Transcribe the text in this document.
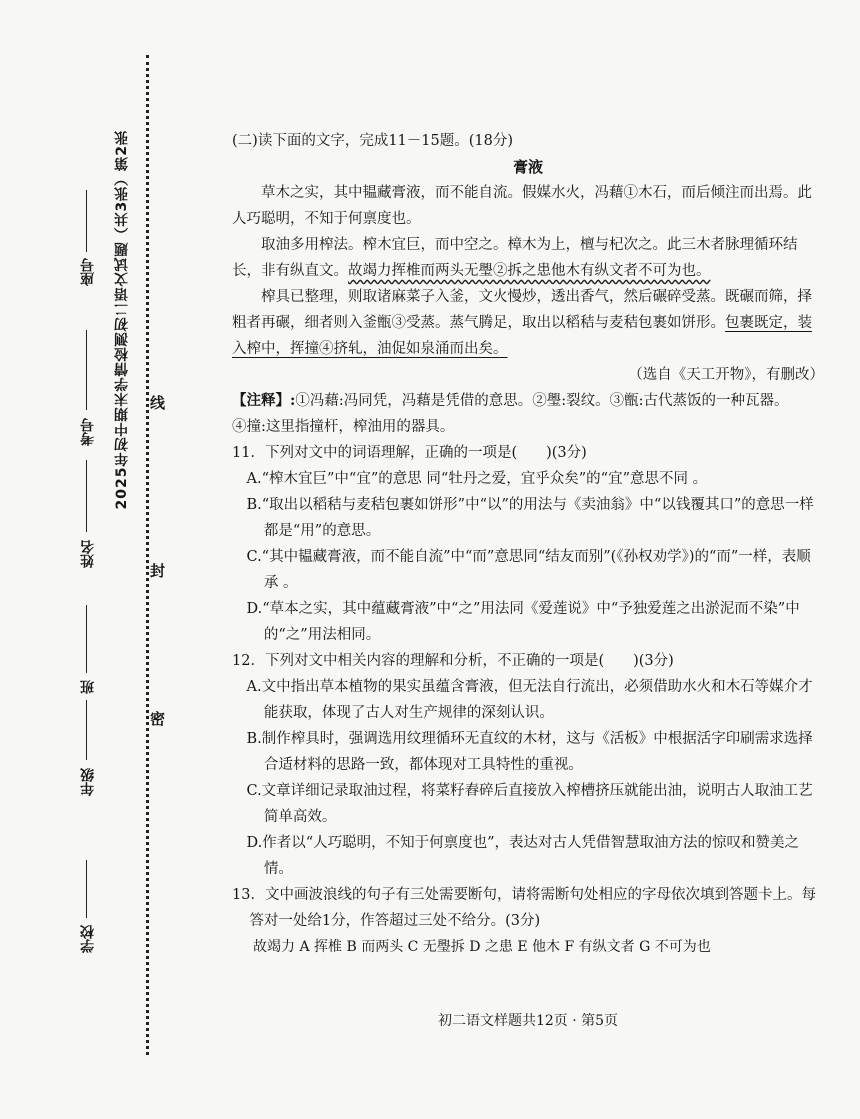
2025年初中期末学情检测初二语文试题（共3张）第2张
学校
年级
班
姓名
考号
座号
密
封
线

(二)读下面的文字，完成11－15题。(18分)

膏液

草木之实，其中韫藏膏液，而不能自流。假媒水火，冯藉①木石，而后倾注而出焉。此人巧聪明，不知于何禀度也。

取油多用榨法。榨木宜巨，而中空之。樟木为上，檀与杞次之。此三木者脉理循环结长，非有纵直文。故竭力挥椎而两头无璺②拆之患他木有纵文者不可为也。

榨具已整理，则取诸麻菜子入釜，文火慢炒，透出香气，然后碾碎受蒸。既碾而筛，择粗者再碾，细者则入釜甑③受蒸。蒸气腾足，取出以稻秸与麦秸包裹如饼形。包裹既定，装入榨中，挥撞④挤轧，油促如泉涌而出矣。

（选自《天工开物》，有删改）

【注释】:①冯藉:冯同凭，冯藉是凭借的意思。②璺:裂纹。③甑:古代蒸饭的一种瓦器。

④撞:这里指撞杆，榨油用的器具。

11．下列对文中的词语理解，正确的一项是(　　)(3分)

A.“榨木宜巨”中“宜”的意思 同“牡丹之爱，宜乎众矣”的“宜”意思不同 。

B.“取出以稻秸与麦秸包裹如饼形”中“以”的用法与《卖油翁》中“以钱覆其口”的意思一样都是“用”的意思。

C.“其中韫藏膏液，而不能自流”中“而”意思同“结友而别”(《孙权劝学》)的“而”一样，表顺承 。

D.“草本之实，其中蕴藏膏液”中“之”用法同《爱莲说》中“予独爱莲之出淤泥而不染”中的“之”用法相同。

12．下列对文中相关内容的理解和分析，不正确的一项是(　　)(3分)

A.文中指出草本植物的果实虽蕴含膏液，但无法自行流出，必须借助水火和木石等媒介才能获取，体现了古人对生产规律的深刻认识。

B.制作榨具时，强调选用纹理循环无直纹的木材，这与《活板》中根据活字印刷需求选择合适材料的思路一致，都体现对工具特性的重视。

C.文章详细记录取油过程，将菜籽舂碎后直接放入榨槽挤压就能出油，说明古人取油工艺简单高效。

D.作者以“人巧聪明，不知于何禀度也”，表达对古人凭借智慧取油方法的惊叹和赞美之情。

13．文中画波浪线的句子有三处需要断句，请将需断句处相应的字母依次填到答题卡上。每答对一处给1分，作答超过三处不给分。(3分)

故竭力 A 挥椎 B 而两头 C 无璺拆 D 之患 E 他木 F 有纵文者 G 不可为也

初二语文样题共12页 · 第5页
